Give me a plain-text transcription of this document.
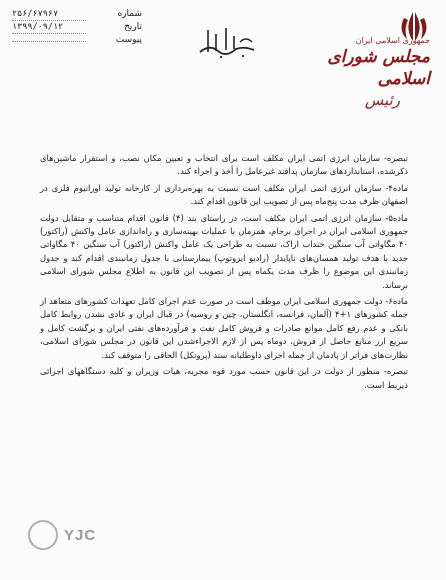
شماره
۲۵۶/۶۷۹۶۷
تاریخ
۱۳۹۹/۰۹/۱۲
پیوست	جمهوری اسلامی ایران
مجلس شورای اسلامی
رئیس

تبصره- سازمان انرژی اتمی ایران مکلف است برای انتخاب و تعیین مکان نصب، و استقرار ماشین‌های ذکرشده، استانداردهای سازمان پدافند غیرعامل را أخذ و اجراء کند.

ماده۴- سازمان انرژی اتمی ایران مکلف است نسبت به بهره‌برداری از کارخانه تولید اورانیوم فلزی در اصفهان ظرف مدت پنج‌ماه پس از تصویب این قانون اقدام کند.

ماده۵- سازمان انرژی اتمی ایران مکلف است، در راستای بند (۴) قانون اقدام متناسب و متقابل دولت جمهوری اسلامی ایران در اجرای برجام، همزمان با عملیات بهینه‌سازی و راه‌اندازی عامل واکنش (راکتور) ۴۰ مگاواتی آب سنگین خنداب اراک، نسبت به طراحی یک عامل واکنش (راکتور) آب سنگین ۴۰ مگاواتی جدید با هدف تولید همسان‌های ناپایدار (رادیو ایزوتوپ) بیمارستانی با جدول زمانبندی اقدام کند و جدول زمانبندی این موضوع را ظرف مدت یکماه پس از تصویب این قانون به اطلاع مجلس شورای اسلامی برساند.

ماده۶- دولت جمهوری اسلامی ایران موظف است در صورت عدم اجرای کامل تعهدات کشورهای متعاهد از جمله کشورهای ۱+۴ (آلمان، فرانسه، انگلستان، چین و روسیه) در قبال ایران و عادی نشدن روابط کامل بانکی و عدم رفع کامل موانع صادرات و فروش کامل نفت و فرآورده‌های نفتی ایران و برگشت کامل و سریع ارز منابع حاصل از فروش، دوماه پس از لازم الاجراءشدن این قانون در مجلس شورای اسلامی، نظارت‌های فراتر از پادمان از جمله اجرای داوطلبانه سند (پروتکل) الحاقی را متوقف کند.

تبصره- منظور از دولت در این قانون حسب مورد قوه مجریه، هیات وزیران و کلیه دستگاههای اجرائی ذیربط است.

YJC
